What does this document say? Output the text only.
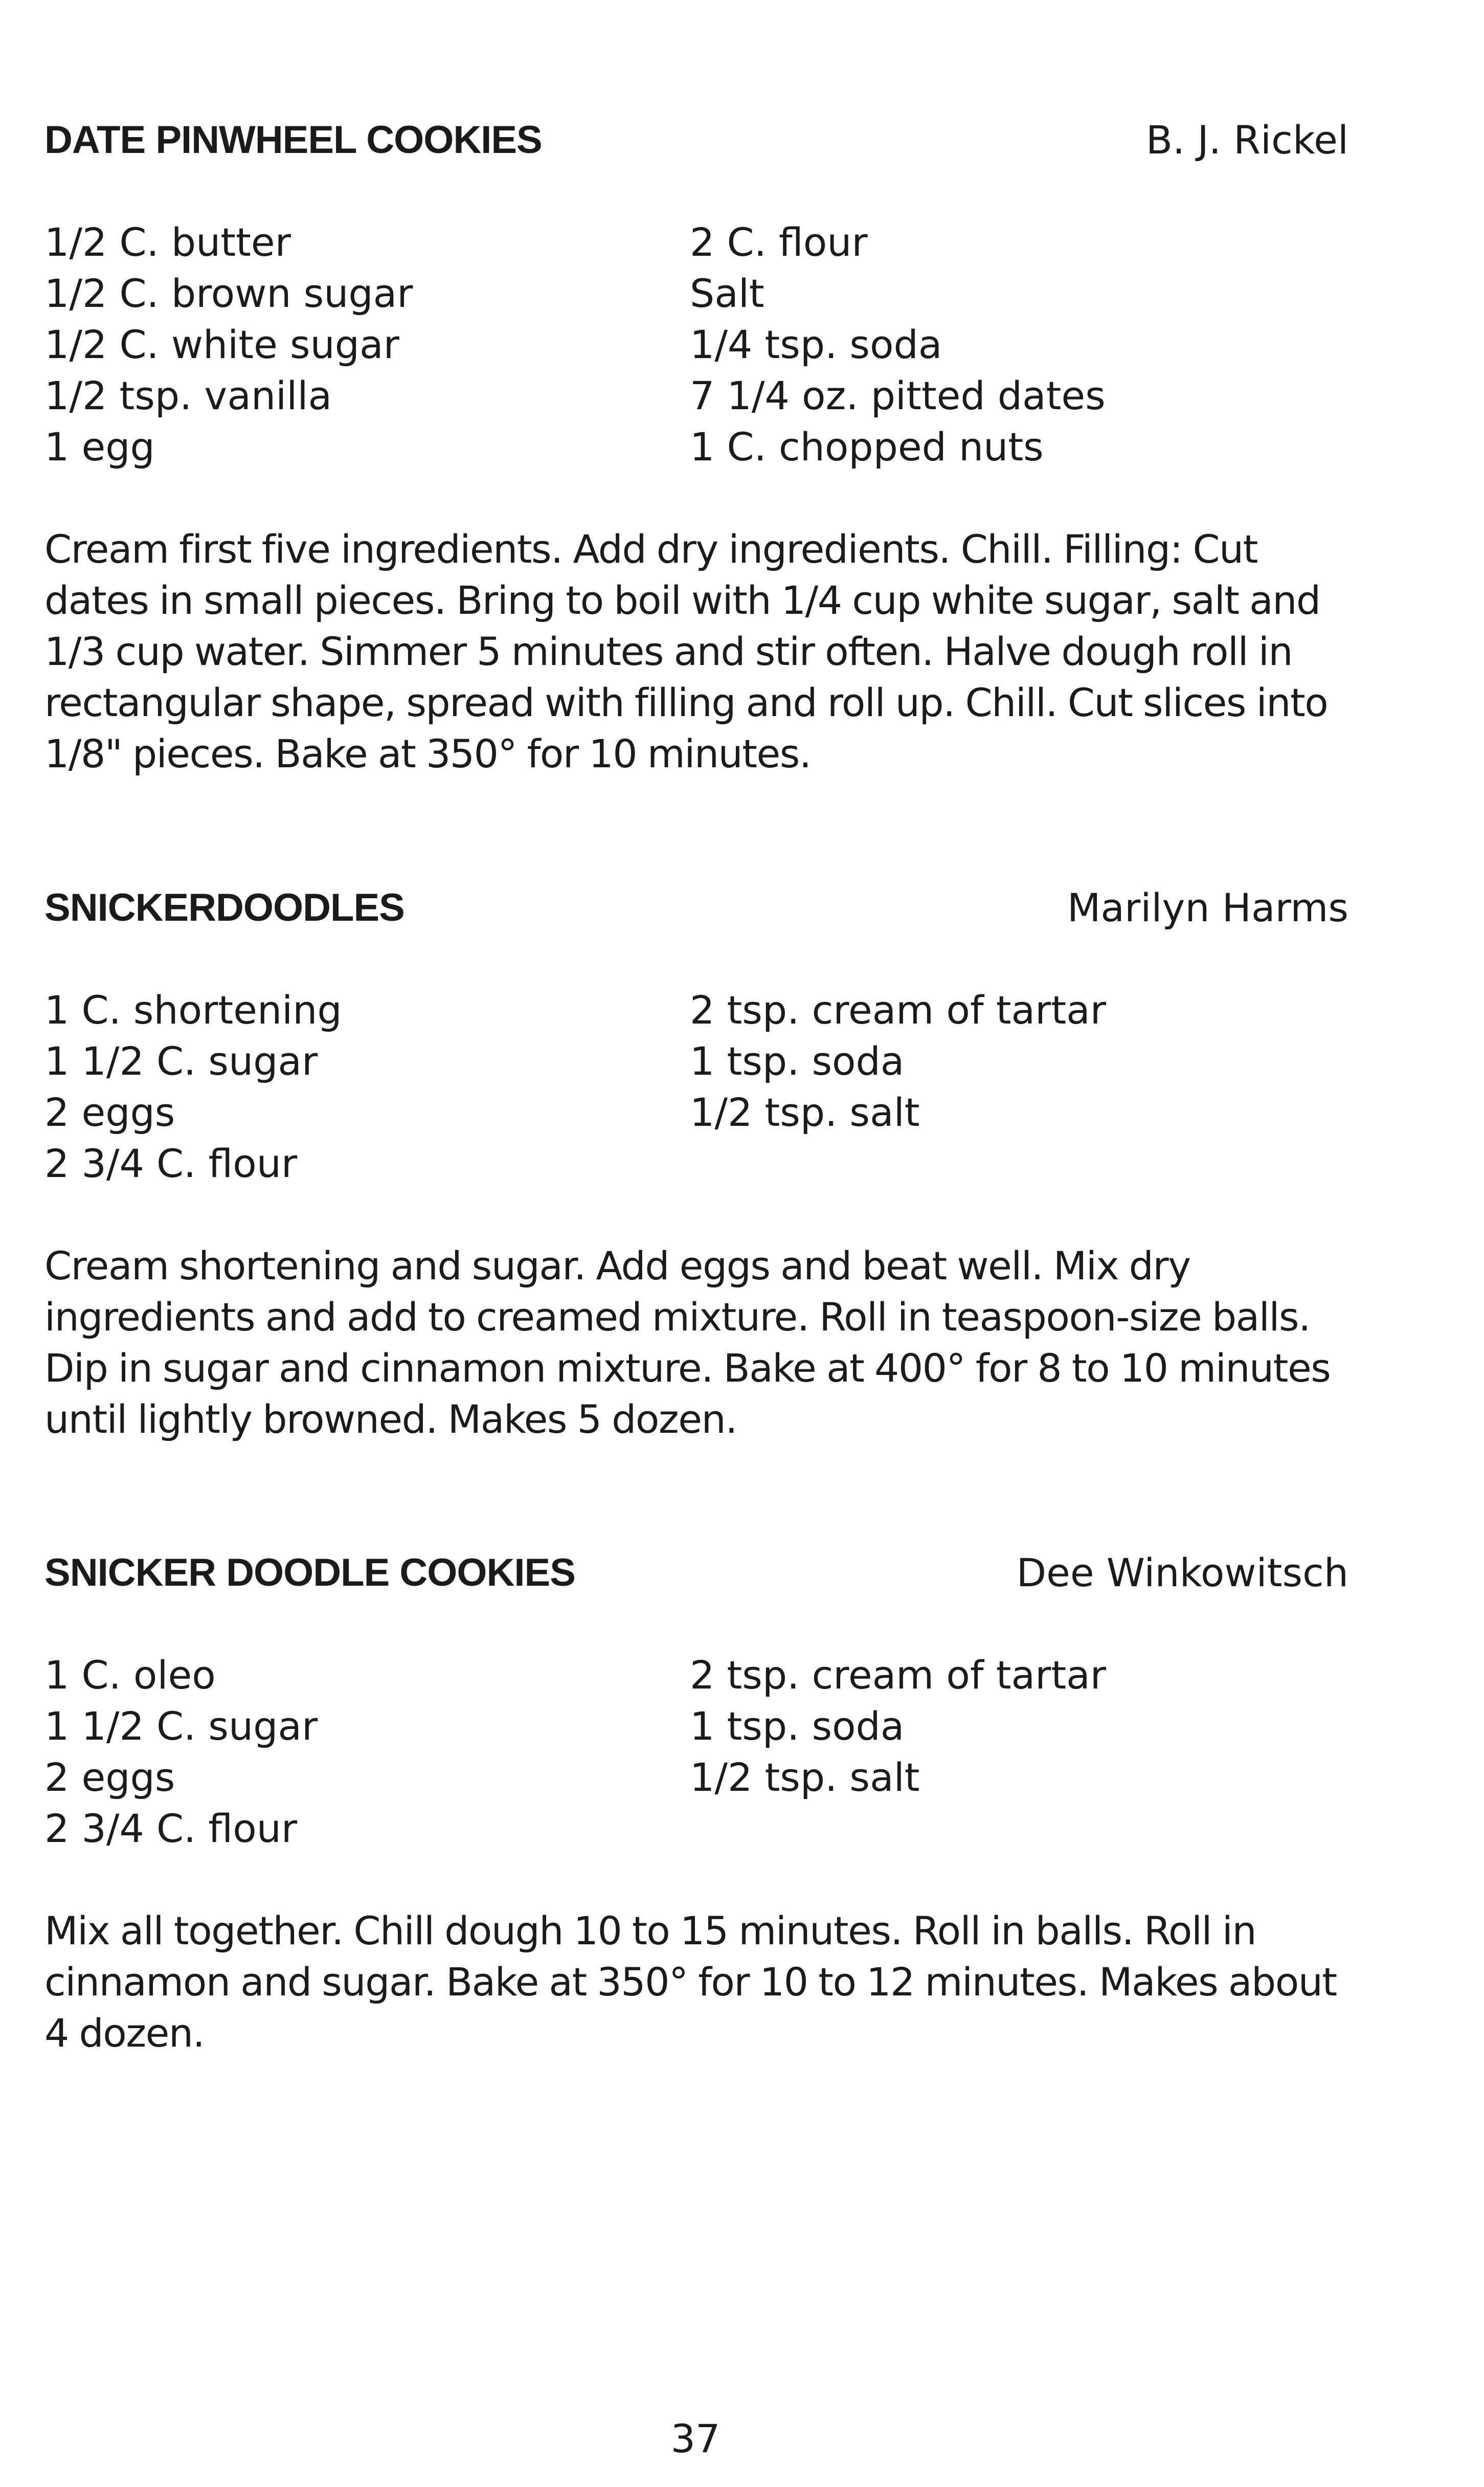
DATE PINWHEEL COOKIES	B. J. Rickel
1/2 C. butter
1/2 C. brown sugar
1/2 C. white sugar
1/2 tsp. vanilla
1 egg
2 C. flour
Salt
1/4 tsp. soda
7 1/4 oz. pitted dates
1 C. chopped nuts
Cream first five ingredients. Add dry ingredients. Chill. Filling: Cut dates in small pieces. Bring to boil with 1/4 cup white sugar, salt and 1/3 cup water. Simmer 5 minutes and stir often. Halve dough roll in rectangular shape, spread with filling and roll up. Chill. Cut slices into 1/8" pieces. Bake at 350° for 10 minutes.
SNICKERDOODLES	Marilyn Harms
1 C. shortening
1 1/2 C. sugar
2 eggs
2 3/4 C. flour
2 tsp. cream of tartar
1 tsp. soda
1/2 tsp. salt
Cream shortening and sugar. Add eggs and beat well. Mix dry ingredients and add to creamed mixture. Roll in teaspoon-size balls. Dip in sugar and cinnamon mixture. Bake at 400° for 8 to 10 minutes until lightly browned. Makes 5 dozen.
SNICKER DOODLE COOKIES	Dee Winkowitsch
1 C. oleo
1 1/2 C. sugar
2 eggs
2 3/4 C. flour
2 tsp. cream of tartar
1 tsp. soda
1/2 tsp. salt
Mix all together. Chill dough 10 to 15 minutes. Roll in balls. Roll in cinnamon and sugar. Bake at 350° for 10 to 12 minutes. Makes about 4 dozen.
37
